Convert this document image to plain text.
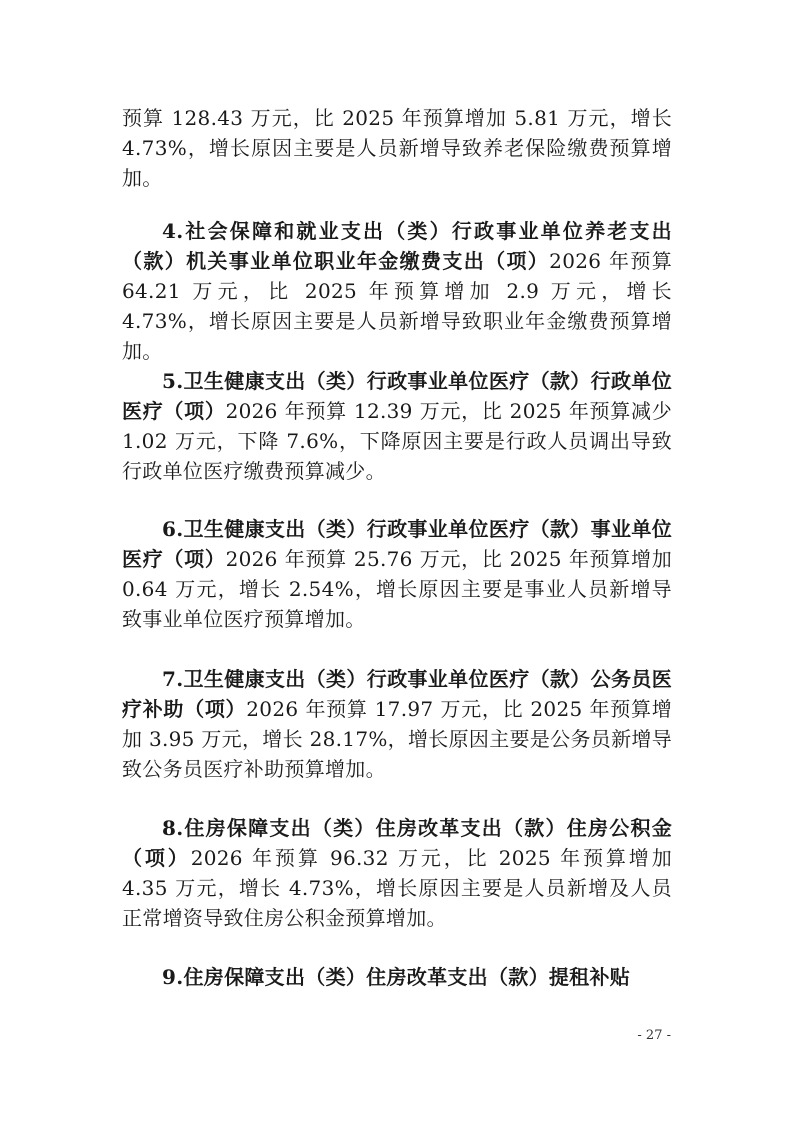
预算 128.43 万元，比 2025 年预算增加 5.81 万元，增长 4.73%，增长原因主要是人员新增导致养老保险缴费预算增加。

4.社会保障和就业支出（类）行政事业单位养老支出（款）机关事业单位职业年金缴费支出（项）2026 年预算 64.21 万元，比 2025 年预算增加 2.9 万元，增长 4.73%，增长原因主要是人员新增导致职业年金缴费预算增加。

5.卫生健康支出（类）行政事业单位医疗（款）行政单位医疗（项）2026 年预算 12.39 万元，比 2025 年预算减少 1.02 万元，下降 7.6%，下降原因主要是行政人员调出导致行政单位医疗缴费预算减少。

6.卫生健康支出（类）行政事业单位医疗（款）事业单位医疗（项）2026 年预算 25.76 万元，比 2025 年预算增加 0.64 万元，增长 2.54%，增长原因主要是事业人员新增导致事业单位医疗预算增加。

7.卫生健康支出（类）行政事业单位医疗（款）公务员医疗补助（项）2026 年预算 17.97 万元，比 2025 年预算增加 3.95 万元，增长 28.17%，增长原因主要是公务员新增导致公务员医疗补助预算增加。

8.住房保障支出（类）住房改革支出（款）住房公积金（项）2026 年预算 96.32 万元，比 2025 年预算增加 4.35 万元，增长 4.73%，增长原因主要是人员新增及人员正常增资导致住房公积金预算增加。

9.住房保障支出（类）住房改革支出（款）提租补贴

- 27 -
